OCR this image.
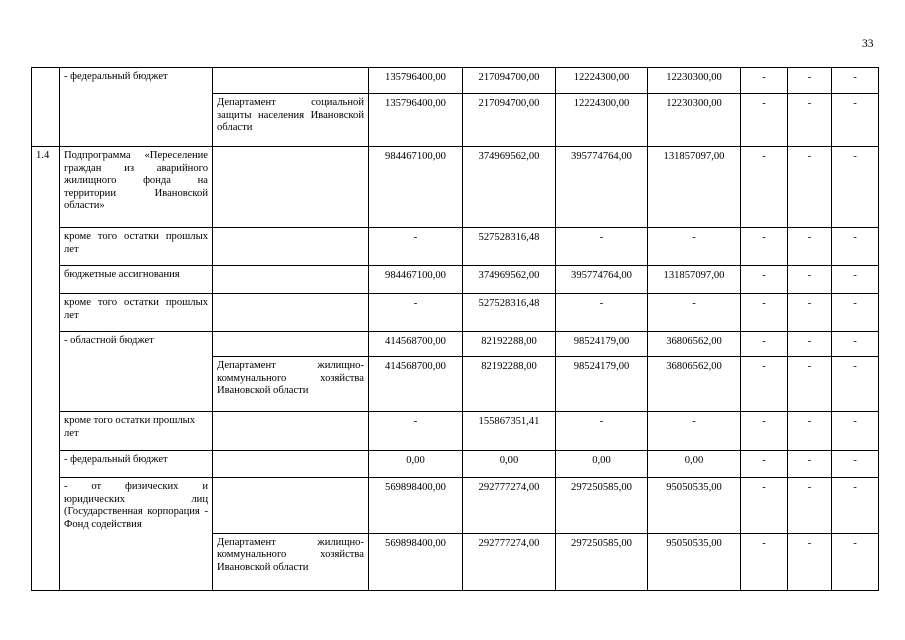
33
	- федеральный бюджет		135796400,00	217094700,00	12224300,00	12230300,00	-	-	-
		Департамент социальной защиты населения Ивановской области	135796400,00	217094700,00	12224300,00	12230300,00	-	-	-
1.4	Подпрограмма «Переселение граждан из аварийного жилищного фонда на территории Ивановской области»		984467100,00	374969562,00	395774764,00	131857097,00	-	-	-
	кроме того остатки прошлых лет		-	527528316,48	-	-	-	-	-
	бюджетные ассигнования		984467100,00	374969562,00	395774764,00	131857097,00	-	-	-
	кроме того остатки прошлых лет		-	527528316,48	-	-	-	-	-
	- областной бюджет		414568700,00	82192288,00	98524179,00	36806562,00	-	-	-
		Департамент жилищно-коммунального хозяйства Ивановской области	414568700,00	82192288,00	98524179,00	36806562,00	-	-	-
	кроме того остатки прошлых лет		-	155867351,41	-	-	-	-	-
	- федеральный бюджет		0,00	0,00	0,00	0,00	-	-	-
	- от физических и юридических лиц (Государственная корпорация - Фонд содействия		569898400,00	292777274,00	297250585,00	95050535,00	-	-	-
		Департамент жилищно-коммунального хозяйства Ивановской области	569898400,00	292777274,00	297250585,00	95050535,00	-	-	-
